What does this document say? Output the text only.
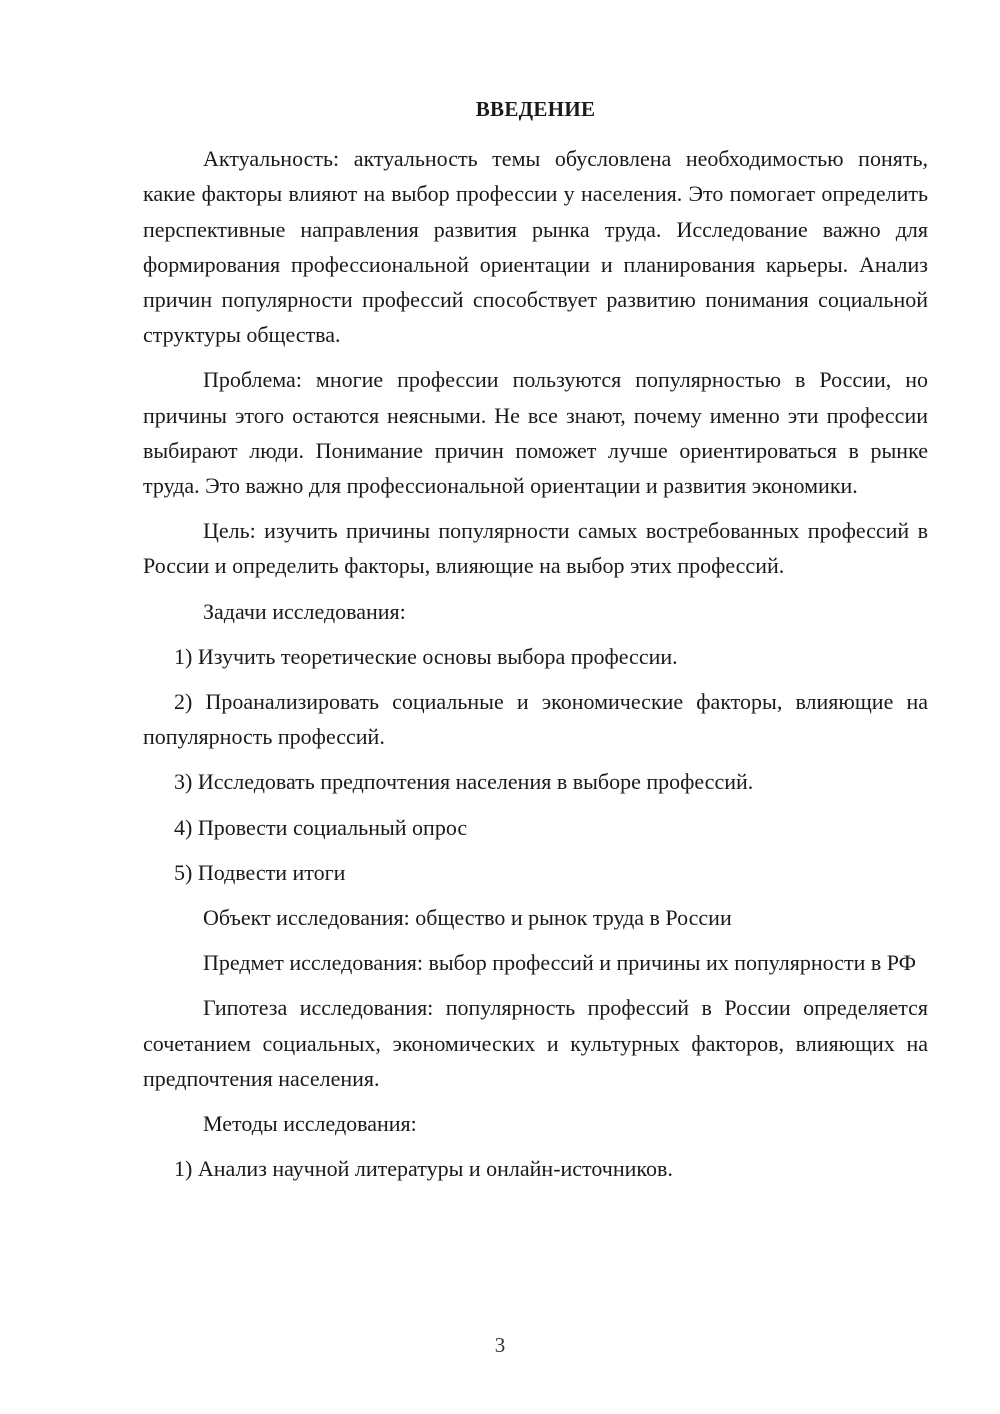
ВВЕДЕНИЕ

Актуальность: актуальность темы обусловлена необходимостью понять, какие факторы влияют на выбор профессии у населения. Это помогает определить перспективные направления развития рынка труда. Исследование важно для формирования профессиональной ориентации и планирования карьеры. Анализ причин популярности профессий способствует развитию понимания социальной структуры общества.

Проблема: многие профессии пользуются популярностью в России, но причины этого остаются неясными. Не все знают, почему именно эти профессии выбирают люди. Понимание причин поможет лучше ориентироваться в рынке труда. Это важно для профессиональной ориентации и развития экономики.

Цель: изучить причины популярности самых востребованных профессий в России и определить факторы, влияющие на выбор этих профессий.

Задачи исследования:

1) Изучить теоретические основы выбора профессии.

2) Проанализировать социальные и экономические факторы, влияющие на популярность профессий.

3) Исследовать предпочтения населения в выборе профессий.

4) Провести социальный опрос

5) Подвести итоги

Объект исследования: общество и рынок труда в России

Предмет исследования: выбор профессий и причины их популярности в РФ

Гипотеза исследования: популярность профессий в России определяется сочетанием социальных, экономических и культурных факторов, влияющих на предпочтения населения.

Методы исследования:

1) Анализ научной литературы и онлайн-источников.

3
